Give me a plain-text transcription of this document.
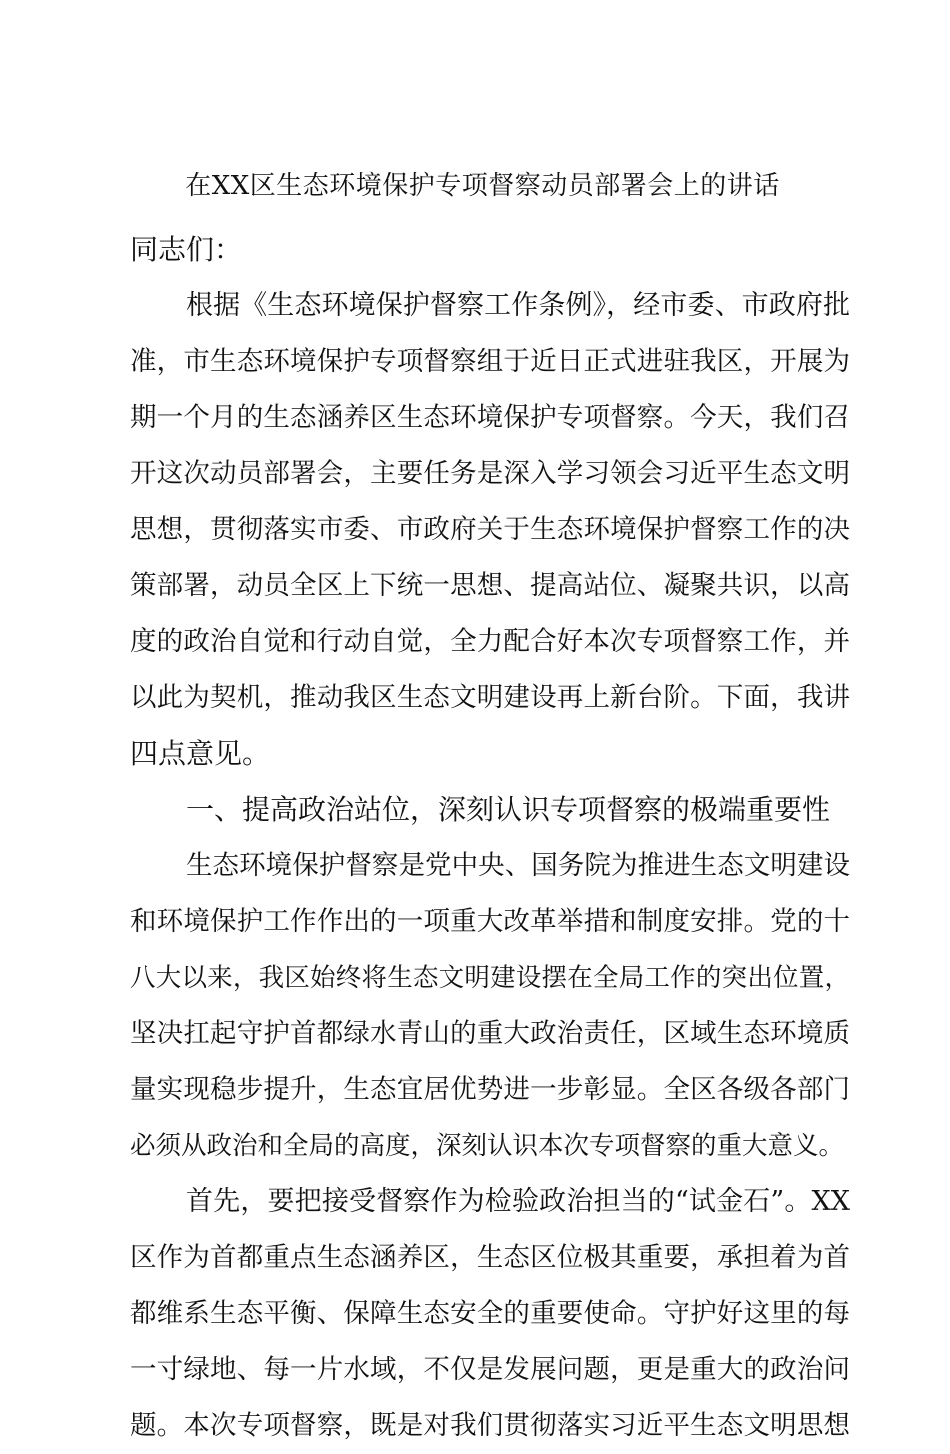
在XX区生态环境保护专项督察动员部署会上的讲话
同志们：
根据《生态环境保护督察工作条例》，经市委、市政府批
准，市生态环境保护专项督察组于近日正式进驻我区，开展为
期一个月的生态涵养区生态环境保护专项督察。今天，我们召
开这次动员部署会，主要任务是深入学习领会习近平生态文明
思想，贯彻落实市委、市政府关于生态环境保护督察工作的决
策部署，动员全区上下统一思想、提高站位、凝聚共识，以高
度的政治自觉和行动自觉，全力配合好本次专项督察工作，并
以此为契机，推动我区生态文明建设再上新台阶。下面，我讲
四点意见。
一、提高政治站位，深刻认识专项督察的极端重要性
生态环境保护督察是党中央、国务院为推进生态文明建设
和环境保护工作作出的一项重大改革举措和制度安排。党的十
八大以来，我区始终将生态文明建设摆在全局工作的突出位置，
坚决扛起守护首都绿水青山的重大政治责任，区域生态环境质
量实现稳步提升，生态宜居优势进一步彰显。全区各级各部门
必须从政治和全局的高度，深刻认识本次专项督察的重大意义。
首先，要把接受督察作为检验政治担当的“试金石”。XX
区作为首都重点生态涵养区，生态区位极其重要，承担着为首
都维系生态平衡、保障生态安全的重要使命。守护好这里的每
一寸绿地、每一片水域，不仅是发展问题，更是重大的政治问
题。本次专项督察，既是对我们贯彻落实习近平生态文明思想
